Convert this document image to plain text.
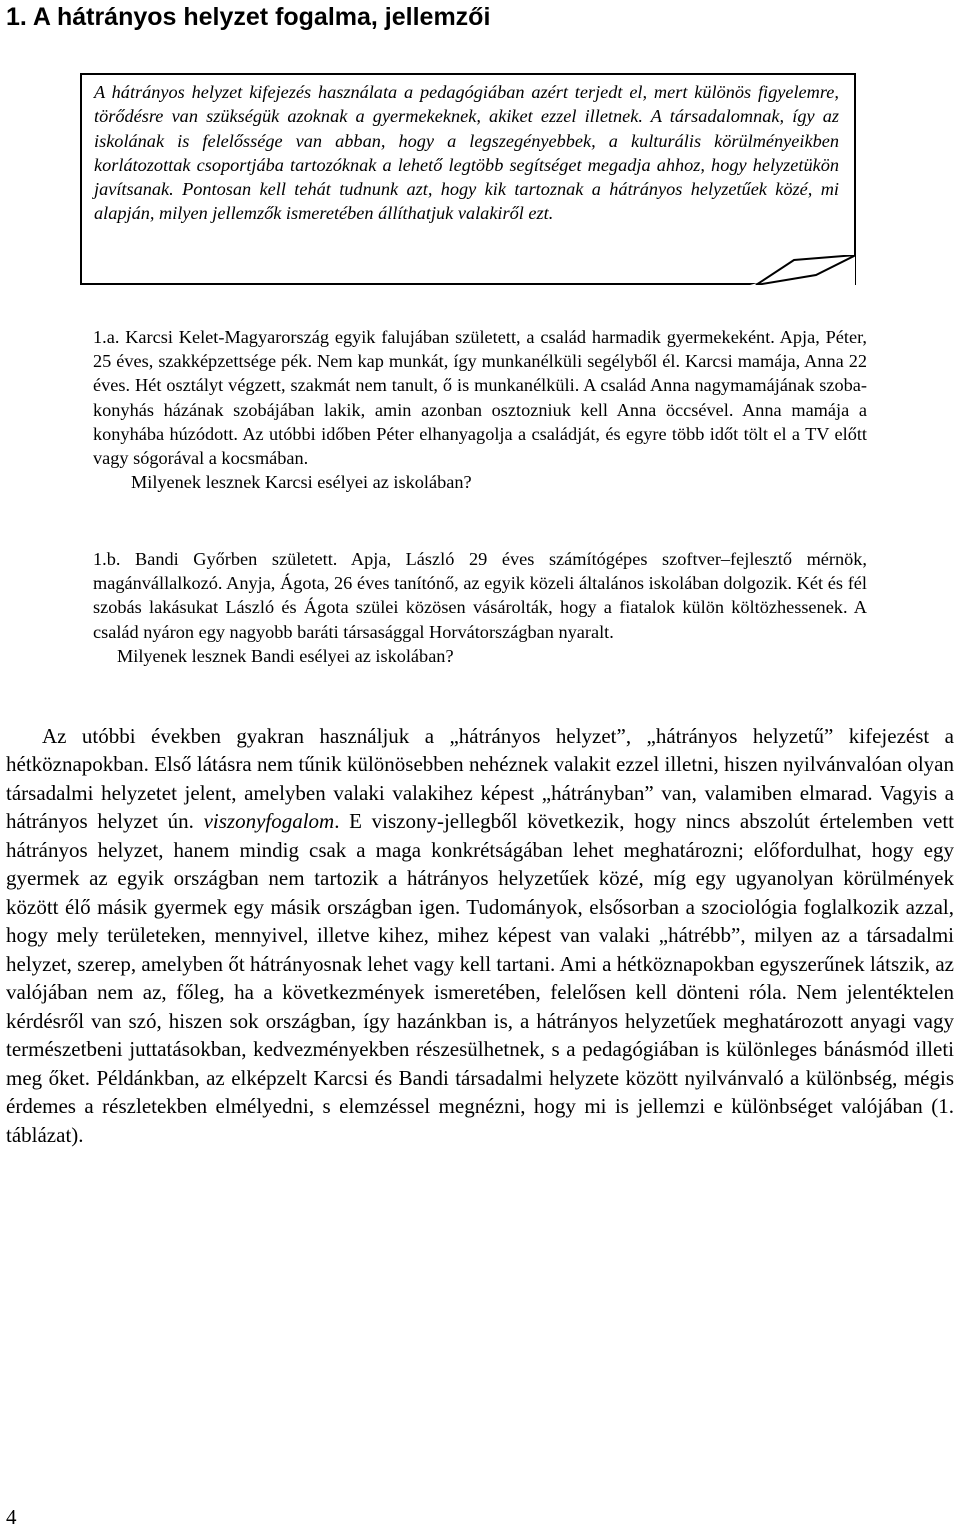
1. A hátrányos helyzet fogalma, jellemzői

A hátrányos helyzet kifejezés használata a pedagógiában azért terjedt el, mert különös figyelemre, törődésre van szükségük azoknak a gyermekeknek, akiket ezzel illetnek. A társadalomnak, így az iskolának is felelőssége van abban, hogy a legszegényebbek, a kulturális körülményeikben korlátozottak csoportjába tartozóknak a lehető legtöbb segítséget megadja ahhoz, hogy helyzetükön javítsanak. Pontosan kell tehát tudnunk azt, hogy kik tartoznak a hátrányos helyzetűek közé, mi alapján, milyen jellemzők ismeretében állíthatjuk valakiről ezt.

1.a. Karcsi Kelet-Magyarország egyik falujában született, a család harmadik gyermekeként. Apja, Péter, 25 éves, szakképzettsége pék. Nem kap munkát, így munkanélküli segélyből él. Karcsi mamája, Anna 22 éves. Hét osztályt végzett, szakmát nem tanult, ő is munkanélküli. A család Anna nagymamájának szoba-konyhás házának szobájában lakik, amin azonban osztozniuk kell Anna öccsével. Anna mamája a konyhába húzódott. Az utóbbi időben Péter elhanyagolja a családját, és egyre több időt tölt el a TV előtt vagy sógorával a kocsmában.
Milyenek lesznek Karcsi esélyei az iskolában?

1.b. Bandi Győrben született. Apja, László 29 éves számítógépes szoftver–fejlesztő mérnök, magánvállalkozó. Anyja, Ágota, 26 éves tanítónő, az egyik közeli általános iskolában dolgozik. Két és fél szobás lakásukat László és Ágota szülei közösen vásárolták, hogy a fiatalok külön költözhessenek. A család nyáron egy nagyobb baráti társasággal Horvátországban nyaralt.
Milyenek lesznek Bandi esélyei az iskolában?

Az utóbbi években gyakran használjuk a „hátrányos helyzet”, „hátrányos helyzetű” kifejezést a hétköznapokban. Első látásra nem tűnik különösebben nehéznek valakit ezzel illetni, hiszen nyilvánvalóan olyan társadalmi helyzetet jelent, amelyben valaki valakihez képest „hátrányban” van, valamiben elmarad. Vagyis a hátrányos helyzet ún. viszonyfogalom. E viszony-jellegből következik, hogy nincs abszolút értelemben vett hátrányos helyzet, hanem mindig csak a maga konkrétságában lehet meghatározni; előfordulhat, hogy egy gyermek az egyik országban nem tartozik a hátrányos helyzetűek közé, míg egy ugyanolyan körülmények között élő másik gyermek egy másik országban igen. Tudományok, elsősorban a szociológia foglalkozik azzal, hogy mely területeken, mennyivel, illetve kihez, mihez képest van valaki „hátrébb”, milyen az a társadalmi helyzet, szerep, amelyben őt hátrányosnak lehet vagy kell tartani. Ami a hétköznapokban egyszerűnek látszik, az valójában nem az, főleg, ha a következmények ismeretében, felelősen kell dönteni róla. Nem jelentéktelen kérdésről van szó, hiszen sok országban, így hazánkban is, a hátrányos helyzetűek meghatározott anyagi vagy természetbeni juttatásokban, kedvezményekben részesülhetnek, s a pedagógiában is különleges bánásmód illeti meg őket. Példánkban, az elképzelt Karcsi és Bandi társadalmi helyzete között nyilvánvaló a különbség, mégis érdemes a részletekben elmélyedni, s elemzéssel megnézni, hogy mi is jellemzi e különbséget valójában (1. táblázat).

4
